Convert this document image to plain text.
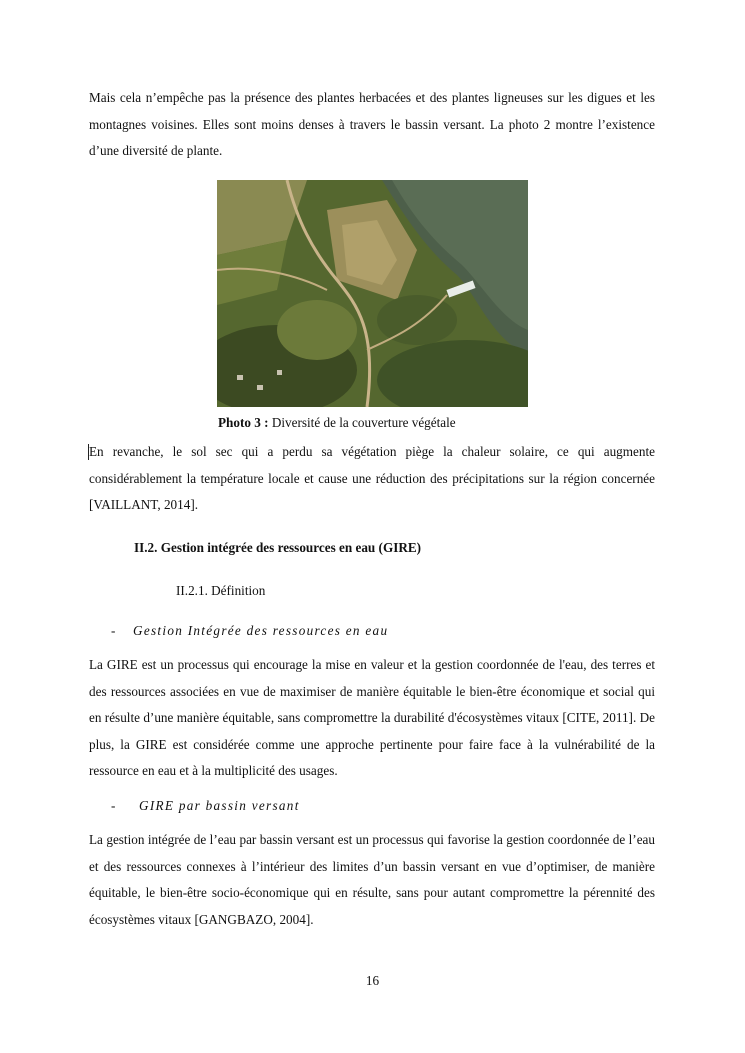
Mais cela n’empêche pas la présence des plantes herbacées et des plantes ligneuses sur les digues et les montagnes voisines. Elles sont moins denses à travers le bassin versant. La photo 2 montre l’existence d’une diversité de plante.

Photo 3 : Diversité de la couverture végétale

En revanche, le sol sec qui a perdu sa végétation piège la chaleur solaire, ce qui augmente considérablement la température locale et cause une réduction des précipitations sur la région concernée [VAILLANT, 2014].

II.2. Gestion intégrée des ressources en eau (GIRE)
II.2.1. Définition
- Gestion Intégrée des ressources en eau

La GIRE est un processus qui encourage la mise en valeur et la gestion coordonnée de l'eau, des terres et des ressources associées en vue de maximiser de manière équitable le bien-être économique et social qui en résulte d’une manière équitable, sans compromettre la durabilité d'écosystèmes vitaux [CITE, 2011]. De plus, la GIRE est considérée comme une approche pertinente pour faire face à la vulnérabilité de la ressource en eau et à la multiplicité des usages.

- GIRE par bassin versant

La gestion intégrée de l’eau par bassin versant est un processus qui favorise la gestion coordonnée de l’eau et des ressources connexes à l’intérieur des limites d’un bassin versant en vue d’optimiser, de manière équitable, le bien-être socio-économique qui en résulte, sans pour autant compromettre la pérennité des écosystèmes vitaux [GANGBAZO, 2004].

16
